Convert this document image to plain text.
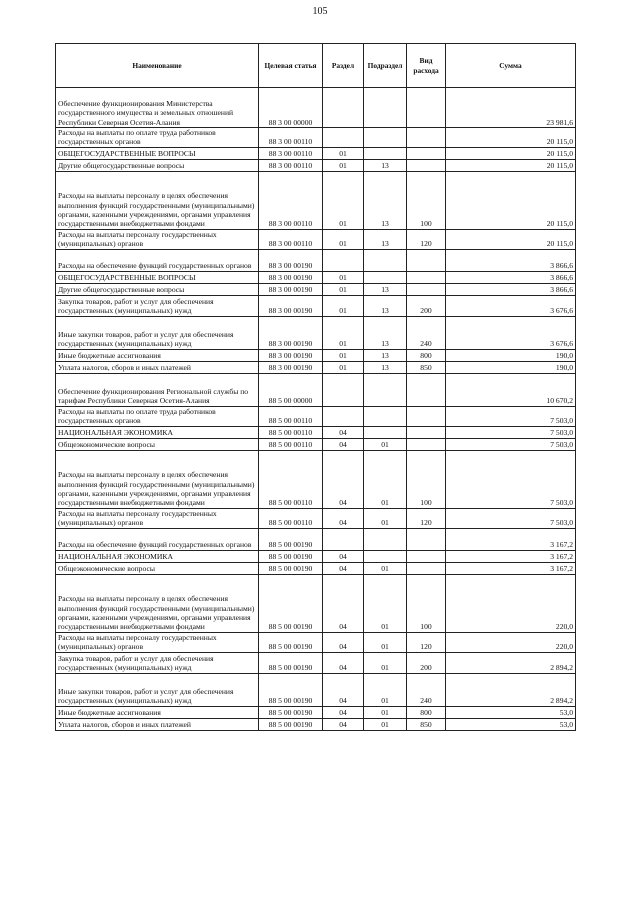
105
Наименование	Целевая статья	Раздел	Подраздел	Вид расхода	Сумма
Обеспечение функционирования Министерства государственного имущества и земельных отношений Республики Северная Осетия-Алания	88 3 00 00000				23 981,6
Расходы на выплаты по оплате труда работников государственных органов	88 3 00 00110				20 115,0
ОБЩЕГОСУДАРСТВЕННЫЕ ВОПРОСЫ	88 3 00 00110	01			20 115,0
Другие общегосударственные вопросы	88 3 00 00110	01	13		20 115,0
Расходы на выплаты персоналу в целях обеспечения выполнения функций государственными (муниципальными) органами, казенными учреждениями, органами управления государственными внебюджетными фондами	88 3 00 00110	01	13	100	20 115,0
Расходы на выплаты персоналу государственных (муниципальных) органов	88 3 00 00110	01	13	120	20 115,0
Расходы на обеспечение функций государственных органов	88 3 00 00190				3 866,6
ОБЩЕГОСУДАРСТВЕННЫЕ ВОПРОСЫ	88 3 00 00190	01			3 866,6
Другие общегосударственные вопросы	88 3 00 00190	01	13		3 866,6
Закупка товаров, работ и услуг для обеспечения государственных (муниципальных) нужд	88 3 00 00190	01	13	200	3 676,6
Иные закупки товаров, работ и услуг для обеспечения государственных (муниципальных) нужд	88 3 00 00190	01	13	240	3 676,6
Иные бюджетные ассигнования	88 3 00 00190	01	13	800	190,0
Уплата налогов, сборов и иных платежей	88 3 00 00190	01	13	850	190,0
Обеспечение функционирования Региональной службы по тарифам Республики Северная Осетия-Алания	88 5 00 00000				10 670,2
Расходы на выплаты по оплате труда работников государственных органов	88 5 00 00110				7 503,0
НАЦИОНАЛЬНАЯ ЭКОНОМИКА	88 5 00 00110	04			7 503,0
Общеэкономические вопросы	88 5 00 00110	04	01		7 503,0
Расходы на выплаты персоналу в целях обеспечения выполнения функций государственными (муниципальными) органами, казенными учреждениями, органами управления государственными внебюджетными фондами	88 5 00 00110	04	01	100	7 503,0
Расходы на выплаты персоналу государственных (муниципальных) органов	88 5 00 00110	04	01	120	7 503,0
Расходы на обеспечение функций государственных органов	88 5 00 00190				3 167,2
НАЦИОНАЛЬНАЯ ЭКОНОМИКА	88 5 00 00190	04			3 167,2
Общеэкономические вопросы	88 5 00 00190	04	01		3 167,2
Расходы на выплаты персоналу в целях обеспечения выполнения функций государственными (муниципальными) органами, казенными учреждениями, органами управления государственными внебюджетными фондами	88 5 00 00190	04	01	100	220,0
Расходы на выплаты персоналу государственных (муниципальных) органов	88 5 00 00190	04	01	120	220,0
Закупка товаров, работ и услуг для обеспечения государственных (муниципальных) нужд	88 5 00 00190	04	01	200	2 894,2
Иные закупки товаров, работ и услуг для обеспечения государственных (муниципальных) нужд	88 5 00 00190	04	01	240	2 894,2
Иные бюджетные ассигнования	88 5 00 00190	04	01	800	53,0
Уплата налогов, сборов и иных платежей	88 5 00 00190	04	01	850	53,0
